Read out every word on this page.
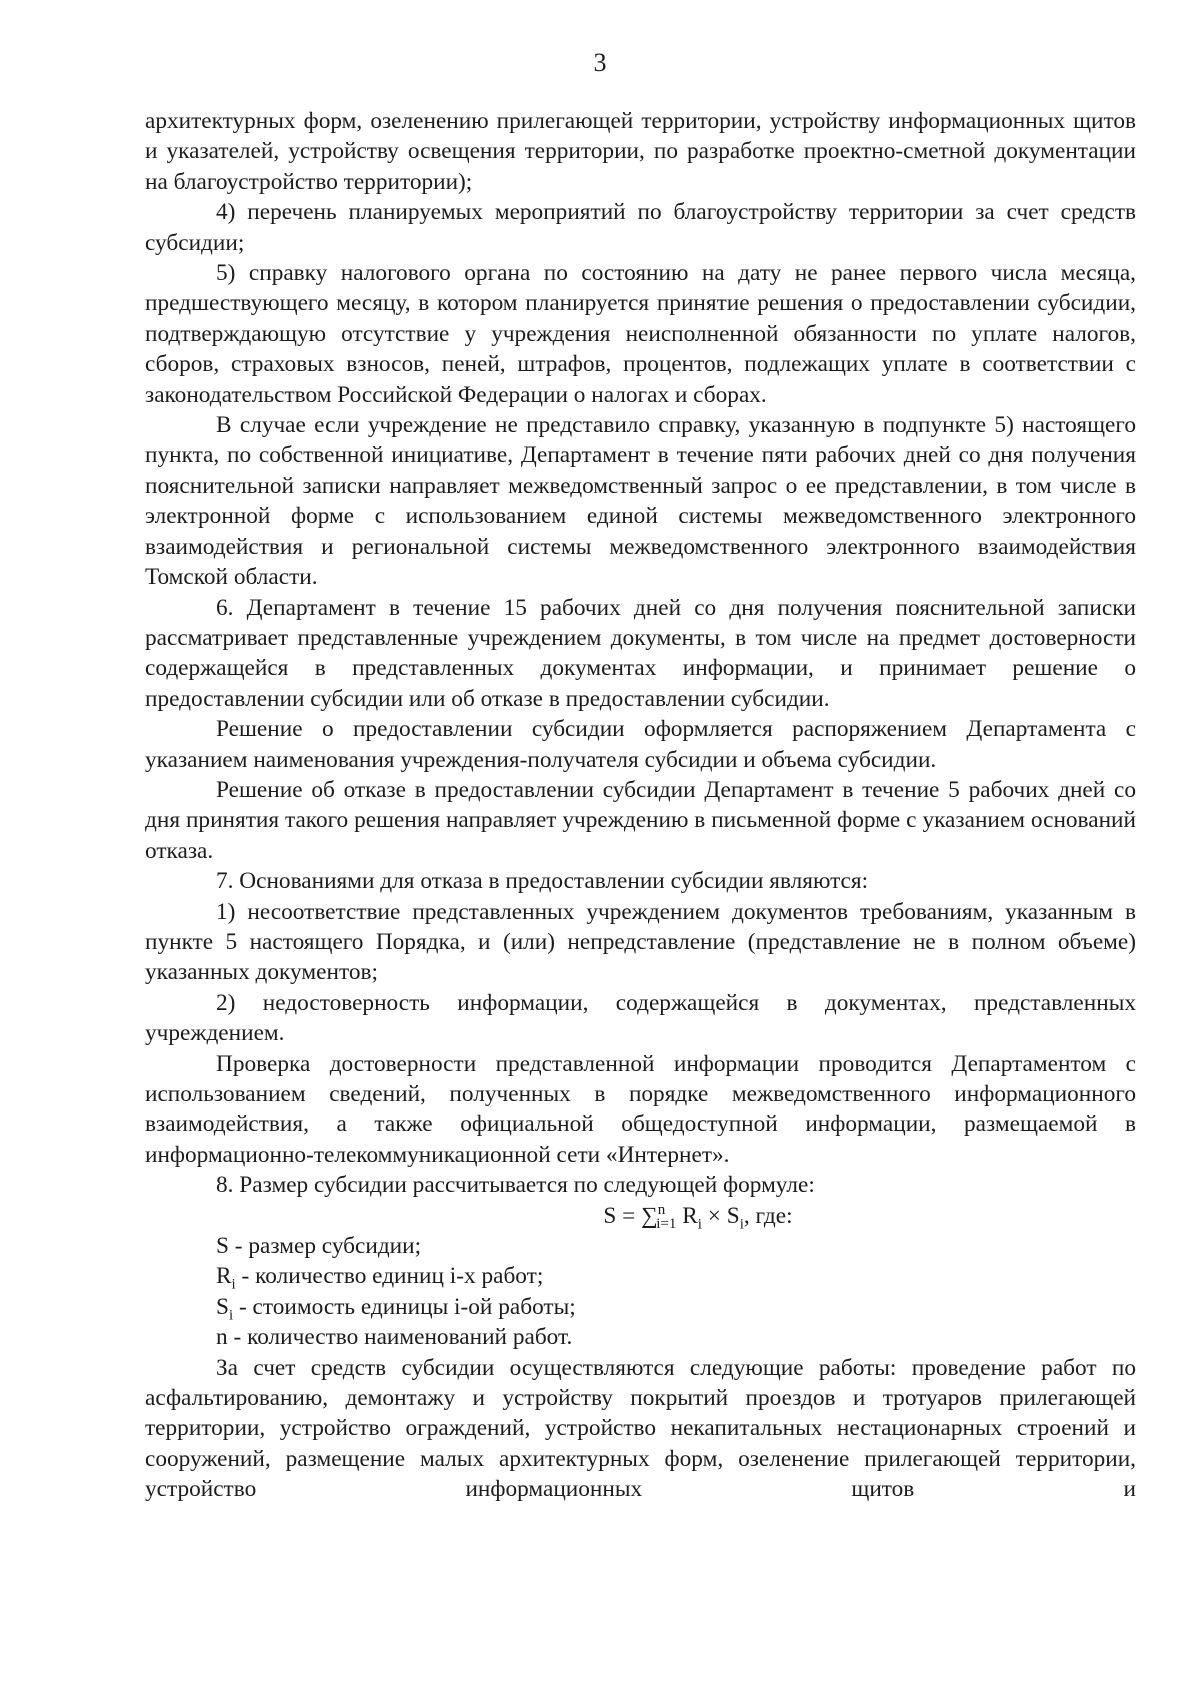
3

архитектурных форм, озеленению прилегающей территории, устройству информационных щитов и указателей, устройству освещения территории, по разработке проектно-сметной документации на благоустройство территории);

4) перечень планируемых мероприятий по благоустройству территории за счет средств субсидии;

5) справку налогового органа по состоянию на дату не ранее первого числа месяца, предшествующего месяцу, в котором планируется принятие решения о предоставлении субсидии, подтверждающую отсутствие у учреждения неисполненной обязанности по уплате налогов, сборов, страховых взносов, пеней, штрафов, процентов, подлежащих уплате в соответствии с законодательством Российской Федерации о налогах и сборах.

В случае если учреждение не представило справку, указанную в подпункте 5) настоящего пункта, по собственной инициативе, Департамент в течение пяти рабочих дней со дня получения пояснительной записки направляет межведомственный запрос о ее представлении, в том числе в электронной форме с использованием единой системы межведомственного электронного взаимодействия и региональной системы межведомственного электронного взаимодействия Томской области.

6. Департамент в течение 15 рабочих дней со дня получения пояснительной записки рассматривает представленные учреждением документы, в том числе на предмет достоверности содержащейся в представленных документах информации, и принимает решение о предоставлении субсидии или об отказе в предоставлении субсидии.

Решение о предоставлении субсидии оформляется распоряжением Департамента с указанием наименования учреждения-получателя субсидии и объема субсидии.

Решение об отказе в предоставлении субсидии Департамент в течение 5 рабочих дней со дня принятия такого решения направляет учреждению в письменной форме с указанием оснований отказа.

7. Основаниями для отказа в предоставлении субсидии являются:

1) несоответствие представленных учреждением документов требованиям, указанным в пункте 5 настоящего Порядка, и (или) непредставление (представление не в полном объеме) указанных документов;

2) недостоверность информации, содержащейся в документах, представленных учреждением.

Проверка достоверности представленной информации проводится Департаментом с использованием сведений, полученных в порядке межведомственного информационного взаимодействия, а также официальной общедоступной информации, размещаемой в информационно-телекоммуникационной сети «Интернет».

8. Размер субсидии рассчитывается по следующей формуле:

S = ∑$^n_{i=1}$ $R_i \times S_i$, где:

S - размер субсидии;

$R_i$ - количество единиц i-х работ;

$S_i$ - стоимость единицы i-ой работы;

n - количество наименований работ.

За счет средств субсидии осуществляются следующие работы: проведение работ по асфальтированию, демонтажу и устройству покрытий проездов и тротуаров прилегающей территории, устройство ограждений, устройство некапитальных нестационарных строений и сооружений, размещение малых архитектурных форм, озеленение прилегающей территории, устройство информационных щитов и
